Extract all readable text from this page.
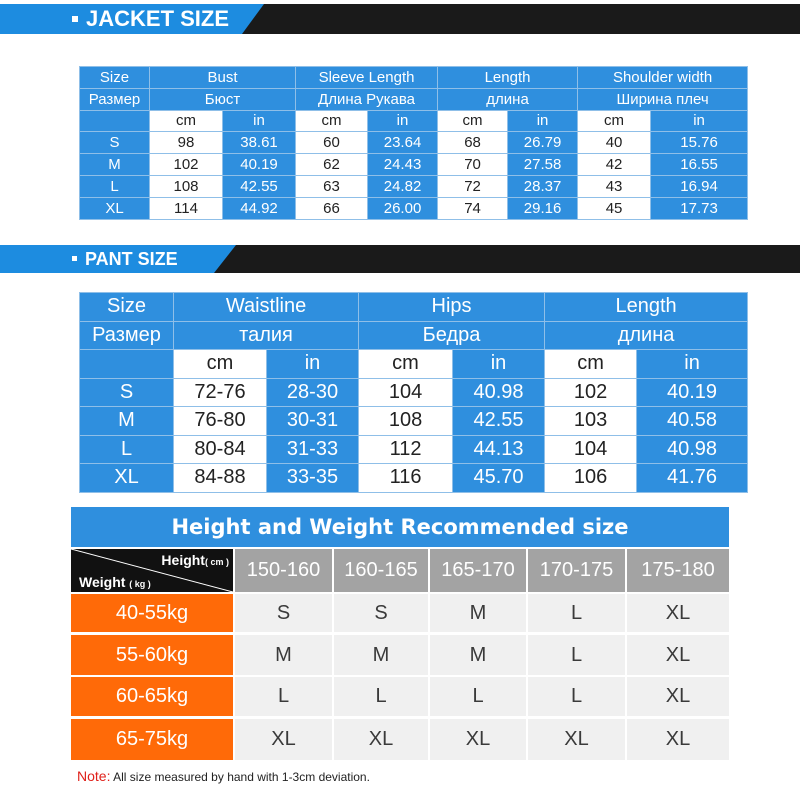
JACKET SIZE
Size	Bust		Sleeve Length		Length		Shoulder width	
Размер	Бюст		Длина Рукава		длина		Ширина плеч	
	cm	in	cm	in	cm	in	cm	in
S	98	38.61	60	23.64	68	26.79	40	15.76
M	102	40.19	62	24.43	70	27.58	42	16.55
L	108	42.55	63	24.82	72	28.37	43	16.94
XL	114	44.92	66	26.00	74	29.16	45	17.73
PANT SIZE
Size	Waistline		Hips		Length	
Размер	талия		Бедра		длина	
	cm	in	cm	in	cm	in
S	72-76	28-30	104	40.98	102	40.19
M	76-80	30-31	108	42.55	103	40.58
L	80-84	31-33	112	44.13	104	40.98
XL	84-88	33-35	116	45.70	106	41.76
Height and Weight Recommended size
Height( cm )
Weight ( kg )
150-160	160-165	165-170	170-175	175-180
40-55kg	S	S	M	L	XL
55-60kg	M	M	M	L	XL
60-65kg	L	L	L	L	XL
65-75kg	XL	XL	XL	XL	XL
Note: All size measured by hand with 1-3cm deviation.
